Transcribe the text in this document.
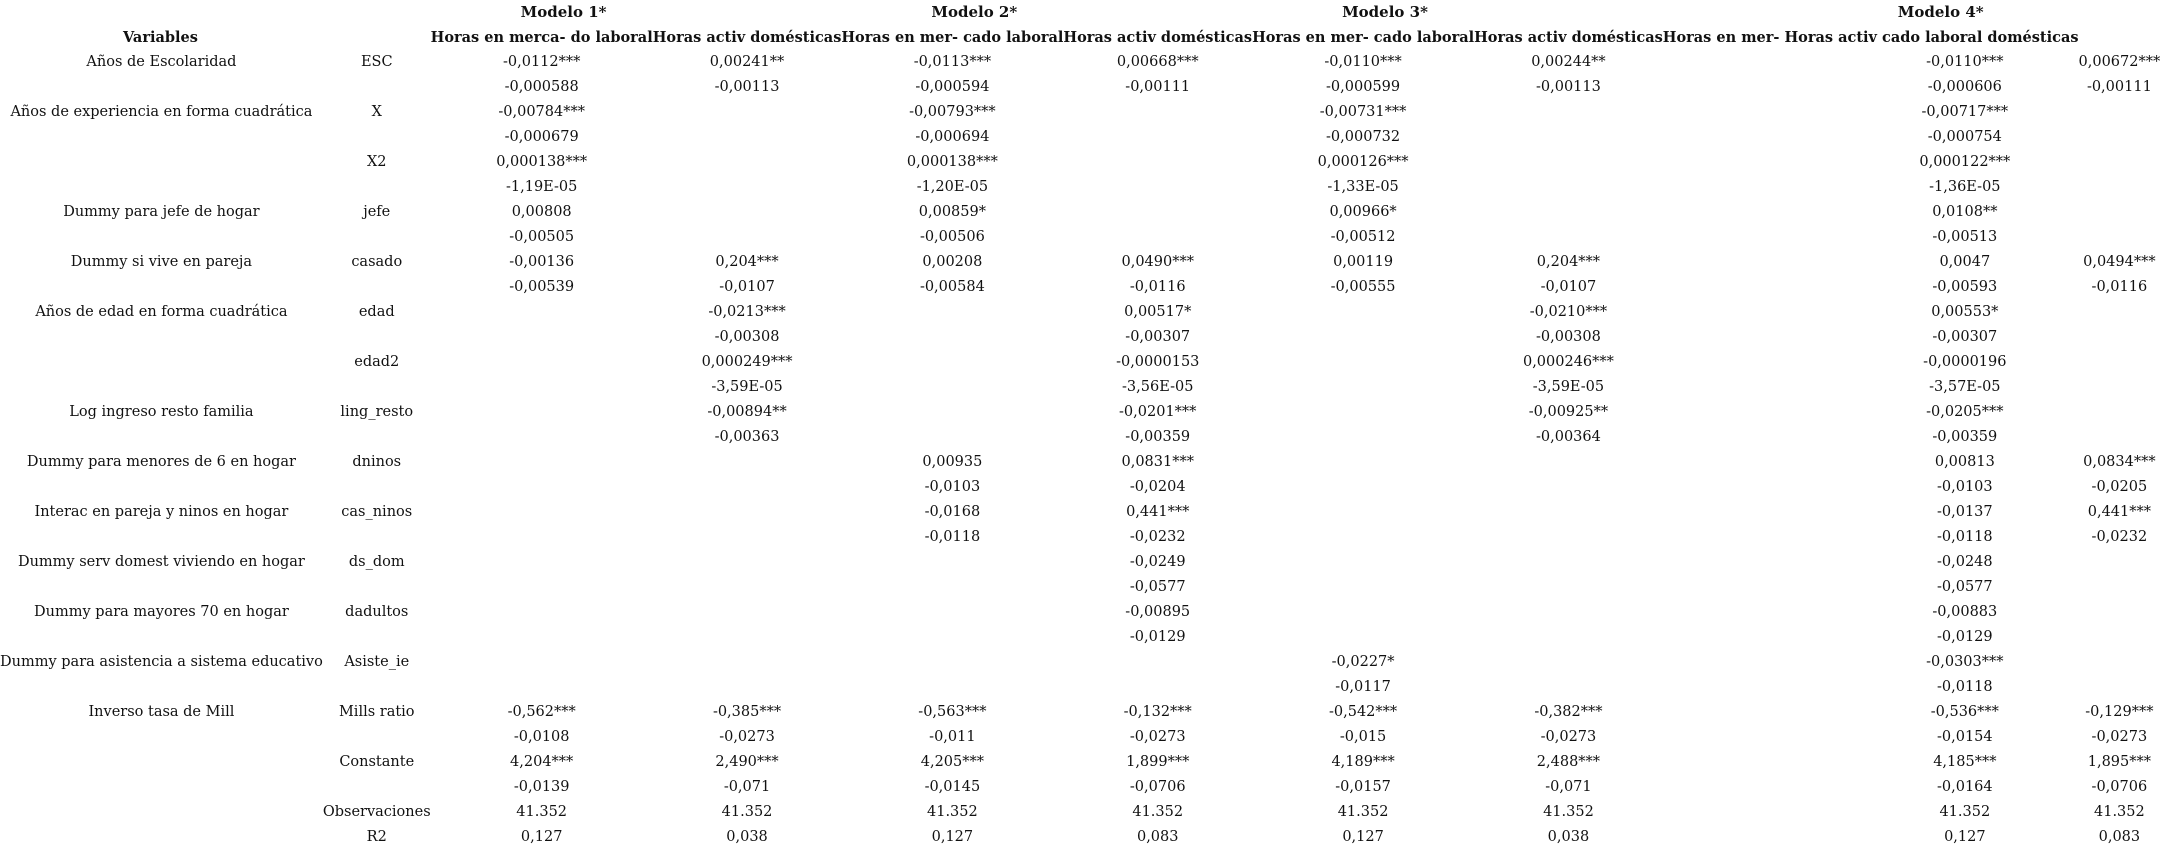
		Modelo 1*		Modelo 2*		Modelo 3*		Modelo 4*		
Variables		Horas en merca- do laboral	Horas activ domésticas	Horas en mer- cado laboral	Horas activ domésticas	Horas en mer- cado laboral	Horas activ domésticas	Horas en mer- Horas activ cado laboral domésticas		
Años de Escolaridad	ESC	-0,0112***	0,00241**	-0,0113***	0,00668***	-0,0110***	0,00244**		-0,0110***	0,00672***
		-0,000588	-0,00113	-0,000594	-0,00111	-0,000599	-0,00113		-0,000606	-0,00111
Años de experiencia en forma cuadrática	X	-0,00784***		-0,00793***		-0,00731***			-0,00717***	
		-0,000679		-0,000694		-0,000732			-0,000754	
	X2	0,000138***		0,000138***		0,000126***			0,000122***	
		-1,19E-05		-1,20E-05		-1,33E-05			-1,36E-05	
Dummy para jefe de hogar	jefe	0,00808		0,00859*		0,00966*			0,0108**	
		-0,00505		-0,00506		-0,00512			-0,00513	
Dummy si vive en pareja	casado	-0,00136	0,204***	0,00208	0,0490***	0,00119	0,204***		0,0047	0,0494***
		-0,00539	-0,0107	-0,00584	-0,0116	-0,00555	-0,0107		-0,00593	-0,0116
Años de edad en forma cuadrática	edad		-0,0213***		0,00517*		-0,0210***		0,00553*	
			-0,00308		-0,00307		-0,00308		-0,00307	
	edad2		0,000249***		-0,0000153		0,000246***		-0,0000196	
			-3,59E-05		-3,56E-05		-3,59E-05		-3,57E-05	
Log ingreso resto familia	ling_resto		-0,00894**		-0,0201***		-0,00925**		-0,0205***	
			-0,00363		-0,00359		-0,00364		-0,00359	
Dummy para menores de 6 en hogar	dninos			0,00935	0,0831***				0,00813	0,0834***
				-0,0103	-0,0204				-0,0103	-0,0205
Interac en pareja y ninos en hogar	cas_ninos			-0,0168	0,441***				-0,0137	0,441***
				-0,0118	-0,0232				-0,0118	-0,0232
Dummy serv domest viviendo en hogar	ds_dom				-0,0249				-0,0248	
					-0,0577				-0,0577	
Dummy para mayores 70 en hogar	dadultos				-0,00895				-0,00883	
					-0,0129				-0,0129	
Dummy para asistencia a sistema educativo	Asiste_ie					-0,0227*			-0,0303***	
						-0,0117			-0,0118	
Inverso tasa de Mill	Mills ratio	-0,562***	-0,385***	-0,563***	-0,132***	-0,542***	-0,382***		-0,536***	-0,129***
		-0,0108	-0,0273	-0,011	-0,0273	-0,015	-0,0273		-0,0154	-0,0273
	Constante	4,204***	2,490***	4,205***	1,899***	4,189***	2,488***		4,185***	1,895***
		-0,0139	-0,071	-0,0145	-0,0706	-0,0157	-0,071		-0,0164	-0,0706
	Observaciones	41.352	41.352	41.352	41.352	41.352	41.352		41.352	41.352
	R2	0,127	0,038	0,127	0,083	0,127	0,038		0,127	0,083
